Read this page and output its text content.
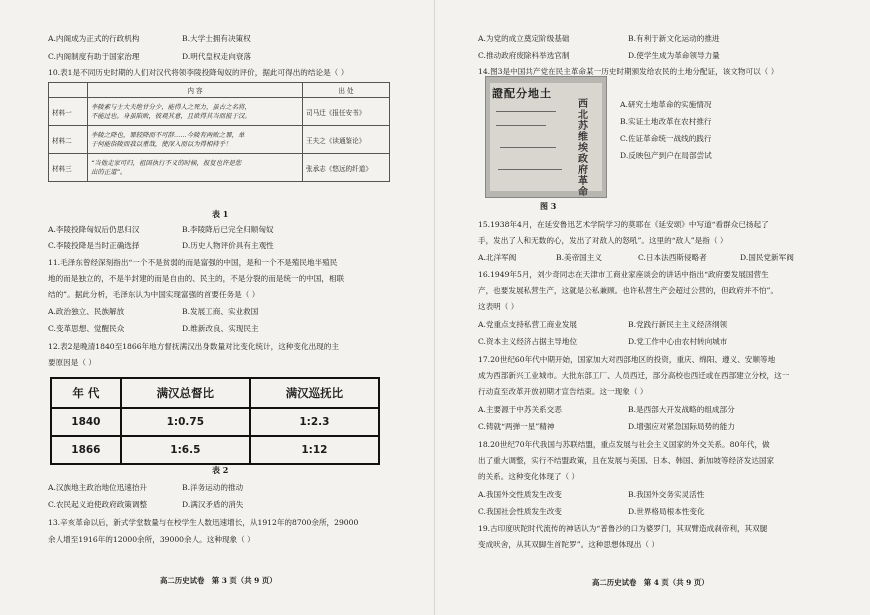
A.内阁成为正式的行政机构	B.大学士拥有决策权
C.内阁制度有助于国家治理	D.明代皇权走向衰落
10.表1是不同历史时期的人们对汉代将领李陵投降匈奴的评价，据此可得出的结论是（ ）
	内 容	出 处
材料一	李陵素与士大夫绝甘分少，能得人之死力，虽古之名将，
不能过也。身虽陷败，彼观其意，且欲得其当而报于汉。	司马迁《报任安书》
材料二	李陵之降也，罪较降而不可辞……今陵有两败之罪，单
于何能俗陵而我以重哉，使深入而以为得相持乎！	王夫之《读通鉴论》
材料三	“当他走家可归，祖国执行不义的时候，报复也许是您
出的正道”。	张承志《悠远的纤道》
表 1
A.李陵投降匈奴后仍思归汉	B.李陵降后已完全归顺匈奴
C.李陵投降是当时正确选择	D.历史人物评价具有主观性
11.毛泽东曾经深刻指出“一个不是贫弱的而是富强的中国，是和一个不是殖民地半殖民
地的而是独立的，不是半封建的而是自由的、民主的，不是分裂的而是统一的中国，相联
结的”。据此分析，毛泽东认为中国实现富强的首要任务是（ ）
A.政治独立、民族解放	B.发展工商、实业救国
C.变革思想、觉醒民众	D.维新改良、实现民主
12.表2是晚清1840至1866年地方督抚满汉出身数量对比变化统计，这种变化出现的主
要原因是（ ）
年 代	满汉总督比	满汉巡抚比
1840	1:0.75	1:2.3
1866	1:6.5	1:12
表 2
A.汉族地主政治地位迅速抬升	B.洋务运动的推动
C.农民起义迫使政府政策调整	D.满汉矛盾的消失
13.辛亥革命以后，新式学堂数量与在校学生人数迅速增长，从1912年的8700余所，29000
余人增至1916年的12000余所，39000余人。这种现象（ ）
高二历史试卷　第 3 页（共 9 页）
A.为党的成立奠定阶级基础	B.有利于新文化运动的推进
C.推动政府废除科举选官制	D.使学生成为革命领导力量
14.图3是中国共产党在民主革命某一历史时期颁发给农民的土地分配证，该文物可以（ ）
證配分地土
西北苏维埃政府革命
A.研究土地革命的实施情况
B.实证土地改革在农村推行
C.佐证革命统一战线的践行
D.反映包产到户在局部尝试
图 3
15.1938年4月，在延安鲁迅艺术学院学习的莫耶在《延安颂》中写道“看群众已扬起了
手，发出了人和无数的心，发出了对敌人的怒吼”。这里的“敌人”是指（ ）
A.北洋军阀	B.美帝国主义	C.日本法西斯侵略者	D.国民党新军阀
16.1949年5月，刘少奇同志在天津市工商业家座谈会的讲话中指出“政府要发展国营生
产，也要发展私营生产，这就是公私兼顾。也许私营生产会超过公营的，但政府并不怕”。
这表明（ ）
A.党重点支持私营工商业发展	B.党践行新民主主义经济纲领
C.资本主义经济占据主导地位	D.党工作中心由农村转向城市
17.20世纪60年代中期开始，国家加大对西部地区的投资，重庆、绵阳、遵义、安顺等地
成为西部新兴工业城市。大批东部工厂、人员西迁，部分高校也西迁或在西部建立分校，这一
行动直至改革开放初期才宣告结束。这一现象（ ）
A.主要源于中苏关系交恶	B.是西部大开发战略的组成部分
C.铸就“两弹一星”精神	D.增强应对紧急国际局势的能力
18.20世纪70年代我国与苏联结盟，重点发展与社会主义国家的外交关系。80年代，做
出了重大调整，实行不结盟政策，且在发展与美国、日本、韩国、新加坡等经济发达国家
的关系。这种变化体现了（ ）
A.我国外交性质发生改变	B.我国外交务实灵活性
C.我国社会性质发生改变	D.世界格局根本性变化
19.古印度吠陀时代流传的神话认为“普鲁沙的口为婆罗门，其双臂造成刹帝利，其双腿
变成吠舍，从其双脚生首陀罗”。这种思想体现出（ ）
高二历史试卷　第 4 页（共 9 页）
